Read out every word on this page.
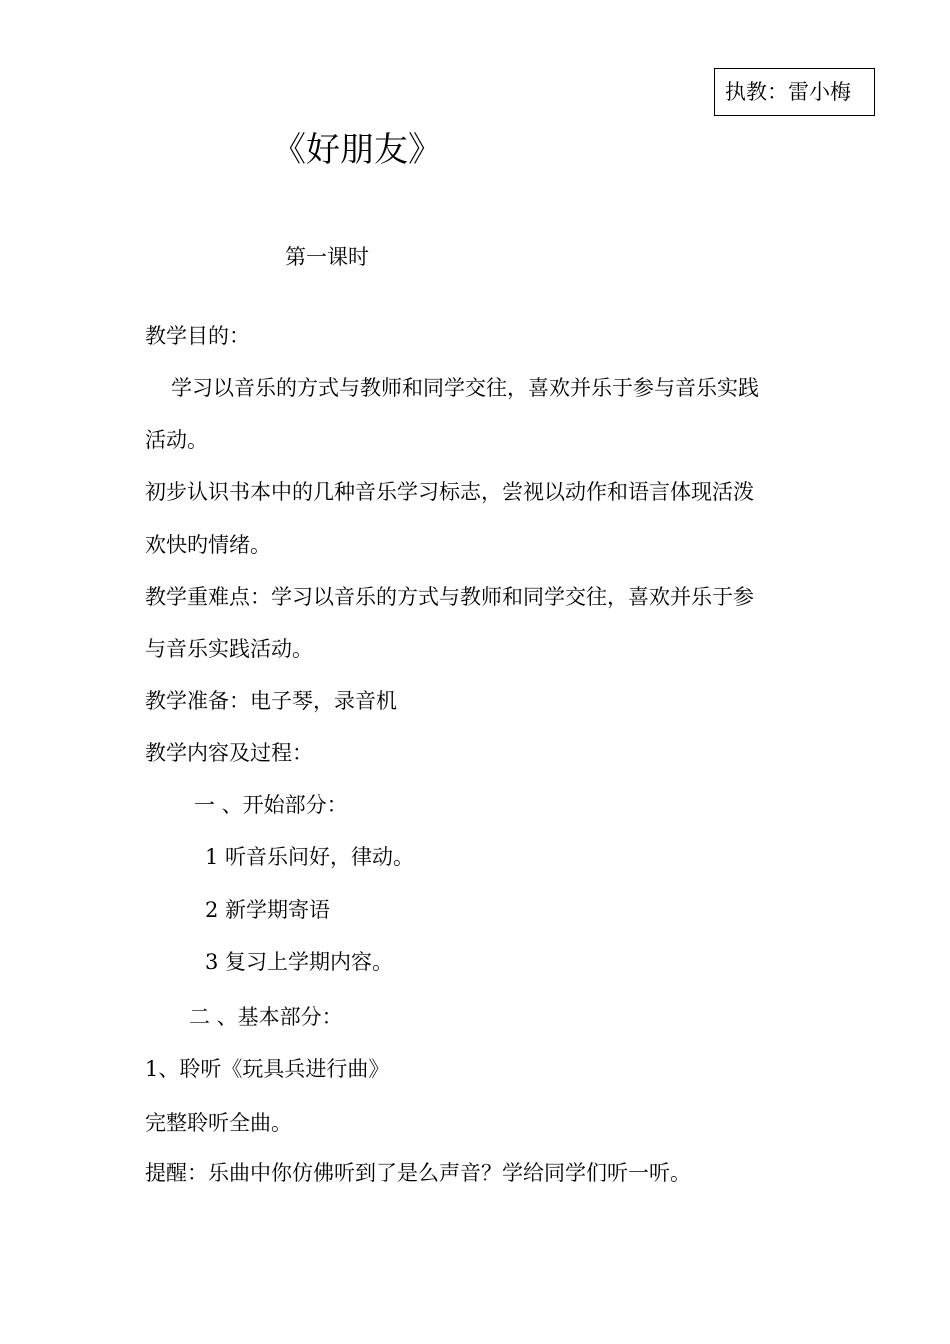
执教：雷小梅
《好朋友》
第一课时
教学目的：
学习以音乐的方式与教师和同学交往，喜欢并乐于参与音乐实践
活动。
初步认识书本中的几种音乐学习标志，尝视以动作和语言体现活泼
欢快旳情绪。
教学重难点：学习以音乐的方式与教师和同学交往，喜欢并乐于参
与音乐实践活动。
教学准备：电子琴，录音机
教学内容及过程：
一 、开始部分：
1 听音乐问好，律动。
2 新学期寄语
3 复习上学期内容。
二 、基本部分：
1、聆听《玩具兵进行曲》
完整聆听全曲。
提醒：乐曲中你仿佛听到了是么声音？学给同学们听一听。
